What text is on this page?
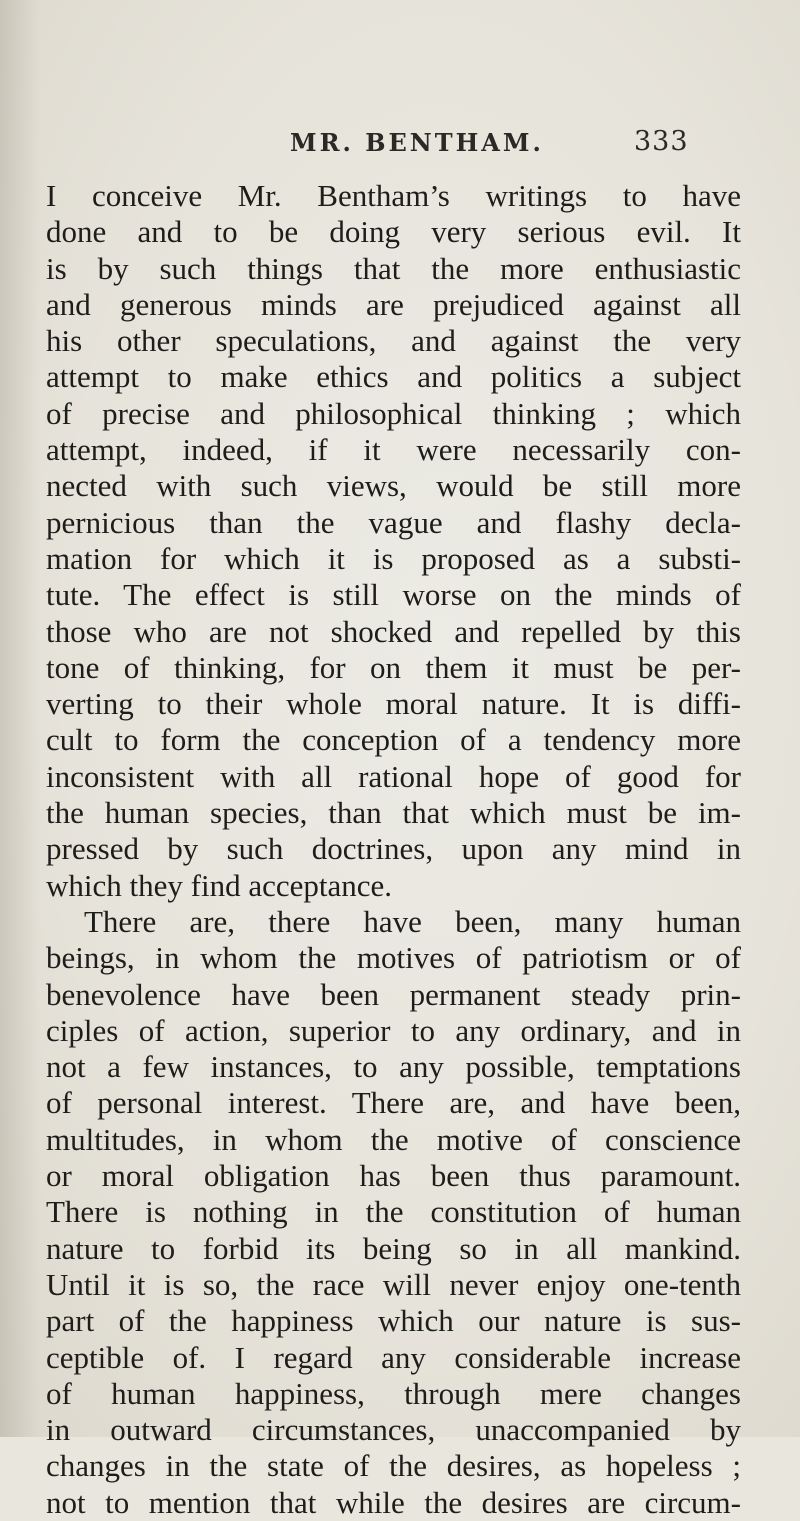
MR. BENTHAM.	333
I conceive Mr. Bentham’s writings to have
done and to be doing very serious evil. It
is by such things that the more enthusiastic
and generous minds are prejudiced against all
his other speculations, and against the very
attempt to make ethics and politics a subject
of precise and philosophical thinking ; which
attempt, indeed, if it were necessarily con-
nected with such views, would be still more
pernicious than the vague and flashy decla-
mation for which it is proposed as a substi-
tute. The effect is still worse on the minds of
those who are not shocked and repelled by this
tone of thinking, for on them it must be per-
verting to their whole moral nature. It is diffi-
cult to form the conception of a tendency more
inconsistent with all rational hope of good for
the human species, than that which must be im-
pressed by such doctrines, upon any mind in
which they find acceptance.
There are, there have been, many human
beings, in whom the motives of patriotism or of
benevolence have been permanent steady prin-
ciples of action, superior to any ordinary, and in
not a few instances, to any possible, temptations
of personal interest. There are, and have been,
multitudes, in whom the motive of conscience
or moral obligation has been thus paramount.
There is nothing in the constitution of human
nature to forbid its being so in all mankind.
Until it is so, the race will never enjoy one-tenth
part of the happiness which our nature is sus-
ceptible of. I regard any considerable increase
of human happiness, through mere changes
in outward circumstances, unaccompanied by
changes in the state of the desires, as hopeless ;
not to mention that while the desires are circum-
